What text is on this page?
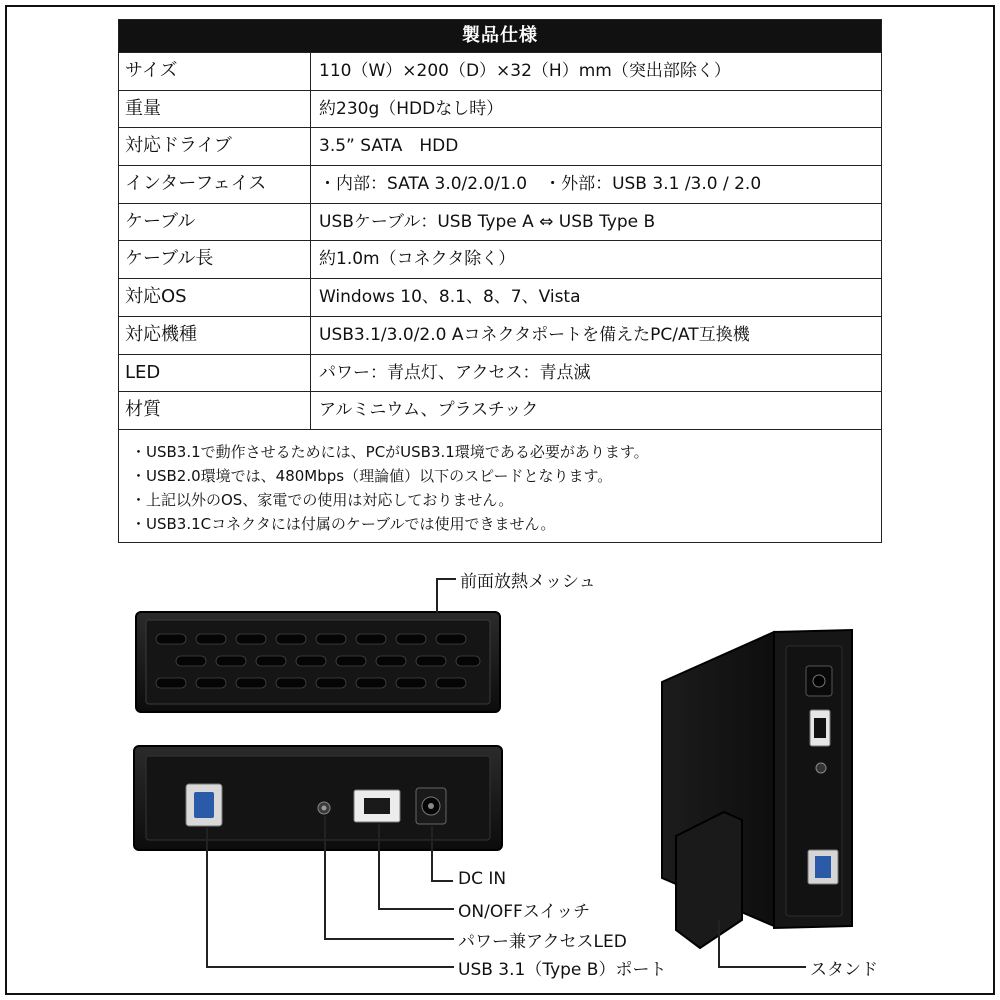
製品仕様
サイズ	110（W）×200（D）×32（H）mm（突出部除く）
重量	約230g（HDDなし時）
対応ドライブ	3.5” SATA　HDD
インターフェイス	・内部：SATA 3.0/2.0/1.0　・外部：USB 3.1 /3.0 / 2.0
ケーブル	USBケーブル：USB Type A ⇔ USB Type B
ケーブル長	約1.0m（コネクタ除く）
対応OS	Windows 10、8.1、8、7、Vista
対応機種	USB3.1/3.0/2.0 Aコネクタポートを備えたPC/AT互換機
LED	パワー：青点灯、アクセス：青点滅
材質	アルミニウム、プラスチック
・USB3.1で動作させるためには、PCがUSB3.1環境である必要があります。
・USB2.0環境では、480Mbps（理論値）以下のスピードとなります。
・上記以外のOS、家電での使用は対応しておりません。
・USB3.1Cコネクタには付属のケーブルでは使用できません。
前面放熱メッシュ
DC IN
ON/OFFスイッチ
パワー兼アクセスLED
USB 3.1（Type B）ポート	スタンド
